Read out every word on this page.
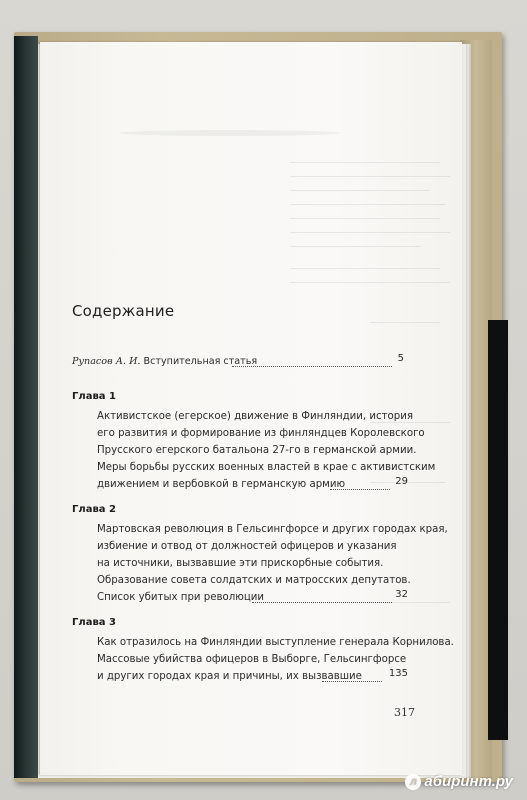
Содержание
Рупасов А. И. Вступительная статья	5
Глава 1
Активистское (егерское) движение в Финляндии, история
его развития и формирование из финляндцев Королевского
Прусского егерского батальона 27-го в германской армии.
Меры борьбы русских военных властей в крае с активистским
движением и вербовкой в германскую армию	29
Глава 2
Мартовская революция в Гельсингфорсе и других городах края,
избиение и отвод от должностей офицеров и указания
на источники, вызвавшие эти прискорбные события.
Образование совета солдатских и матросских депутатов.
Список убитых при революции	32
Глава 3
Как отразилось на Финляндии выступление генерала Корнилова.
Массовые убийства офицеров в Выборге, Гельсингфорсе
и других городах края и причины, их вызвавшие	135
317
л абиринт.ру
